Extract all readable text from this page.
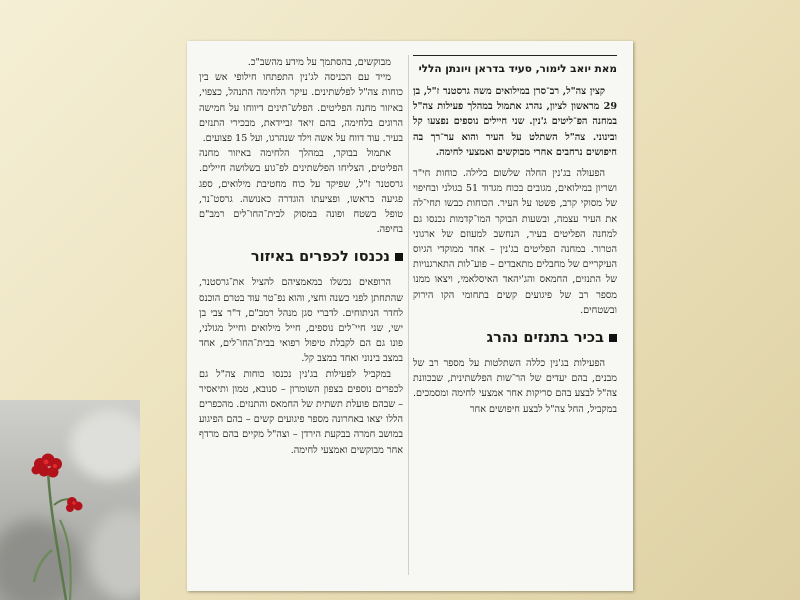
מאת יואב לימור, סעיד בדראן ויונתן הללי

קצין צה"ל, רב־סרן במילואים משה גרסטנר ז"ל, בן 29 מראשון לציון, נהרג אתמול במהלך פעילות צה"ל במחנה הפ־ליטים ג'נין. שני חיילים נוספים נפצעו קל ובינוני. צה"ל השתלט על העיר והוא ער־רך בה חיפושים נרחבים אחרי מבוקשים ואמצעי לחימה.

הפעולה בג'נין החלה שלשום בלילה. כוחות חי"ר ושריון במילואים, מגובים בכוח מגדוד 51 בגולני ובחיפוי של מסוקי קרב, פשטו על העיר. הכוחות כבשו תחי־לה את העיר עצמה, ובשעות הבוקר המו־קדמות נכנסו גם למחנה הפליטים בעיר, הנחשב למעוזם של ארגוני הטרור. במחנה הפליטים בג'נין – אחד ממוקדי הגיוס העיקריים של מחבלים מתאבדים – פוע־לות התארגנויות של התנזים, החמאס והג'יהאד האיסלאמי, ויצאו ממנו מספר רב של פיגועים קשים בתחומי הקו הירוק ובשטחים.

בכיר בתנזים נהרג

הפעילות בג'נין כללה השתלטות על מספר רב של מבנים, בהם יעדים של הר־שות הפלשתינית, שבכוונת צה"ל לבצע בהם סריקות אחר אמצעי לחימה ומסמכים. במקביל, החל צה"ל לבצע חיפושים אחר

מבוקשים, בהסתמך על מידע מהשב"כ.

מייד עם הכניסה לג'נין התפתחו חילופי אש בין כוחות צה"ל לפלשתינים. עיקר הלחימה התנהל, כצפוי, באיזור מחנה הפליטים. הפלש־תינים דיווחו על חמישה הרוגים בלחימה, בהם זיאד זביידאת, מבכירי התנזים בעיר. עוד דווח על אשה וילד שנהרגו, ועל 15 פצועים.

אתמול בבוקר, במהלך הלחימה באיזור מחנה הפליטים, הצליחו הפלשתינים לפ־גוע בשלושה חיילים. גרסטנר ז"ל, שפיקד על כוח מחטיבת מילואים, ספג פגיעה בראשו, ופציעתו הוגדרה כאנושה. גרסט־נר, טופל בשטח ופונה במסוק לבית־החו־לים רמב"ם בחיפה.

נכנסו לכפרים באיזור

הרופאים נכשלו במאמציהם להציל את־גרסטנר, שהתחתן לפני כשנה וחצי, והוא נפ־טר עוד בטרם הוכנס לחדר הניתוחים. לדברי סגן מנהל רמב"ם, ד"ר צבי בן ישי, שני חיי־לים נוספים, חייל מילואים וחייל מגולני, פונו גם הם לקבלת טיפול רפואי בבית־החו־לים, אחד במצב בינוני ואחד במצב קל.

במקביל לפעילות בג'נין נכנסו כוחות צה"ל גם לכפרים נוספים בצפון השומרון – סנובא, טמון ותיאסיר – שבהם פועלת תשתית של החמאס והתנזים. מהכפרים הללו יצאו באחרונה מספר פיגועים קשים – בהם הפיגוע במושב חמרה בבקעת הירדן – וצה"ל מקיים בהם מרדף אחר מבוקשים ואמצעי לחימה.
